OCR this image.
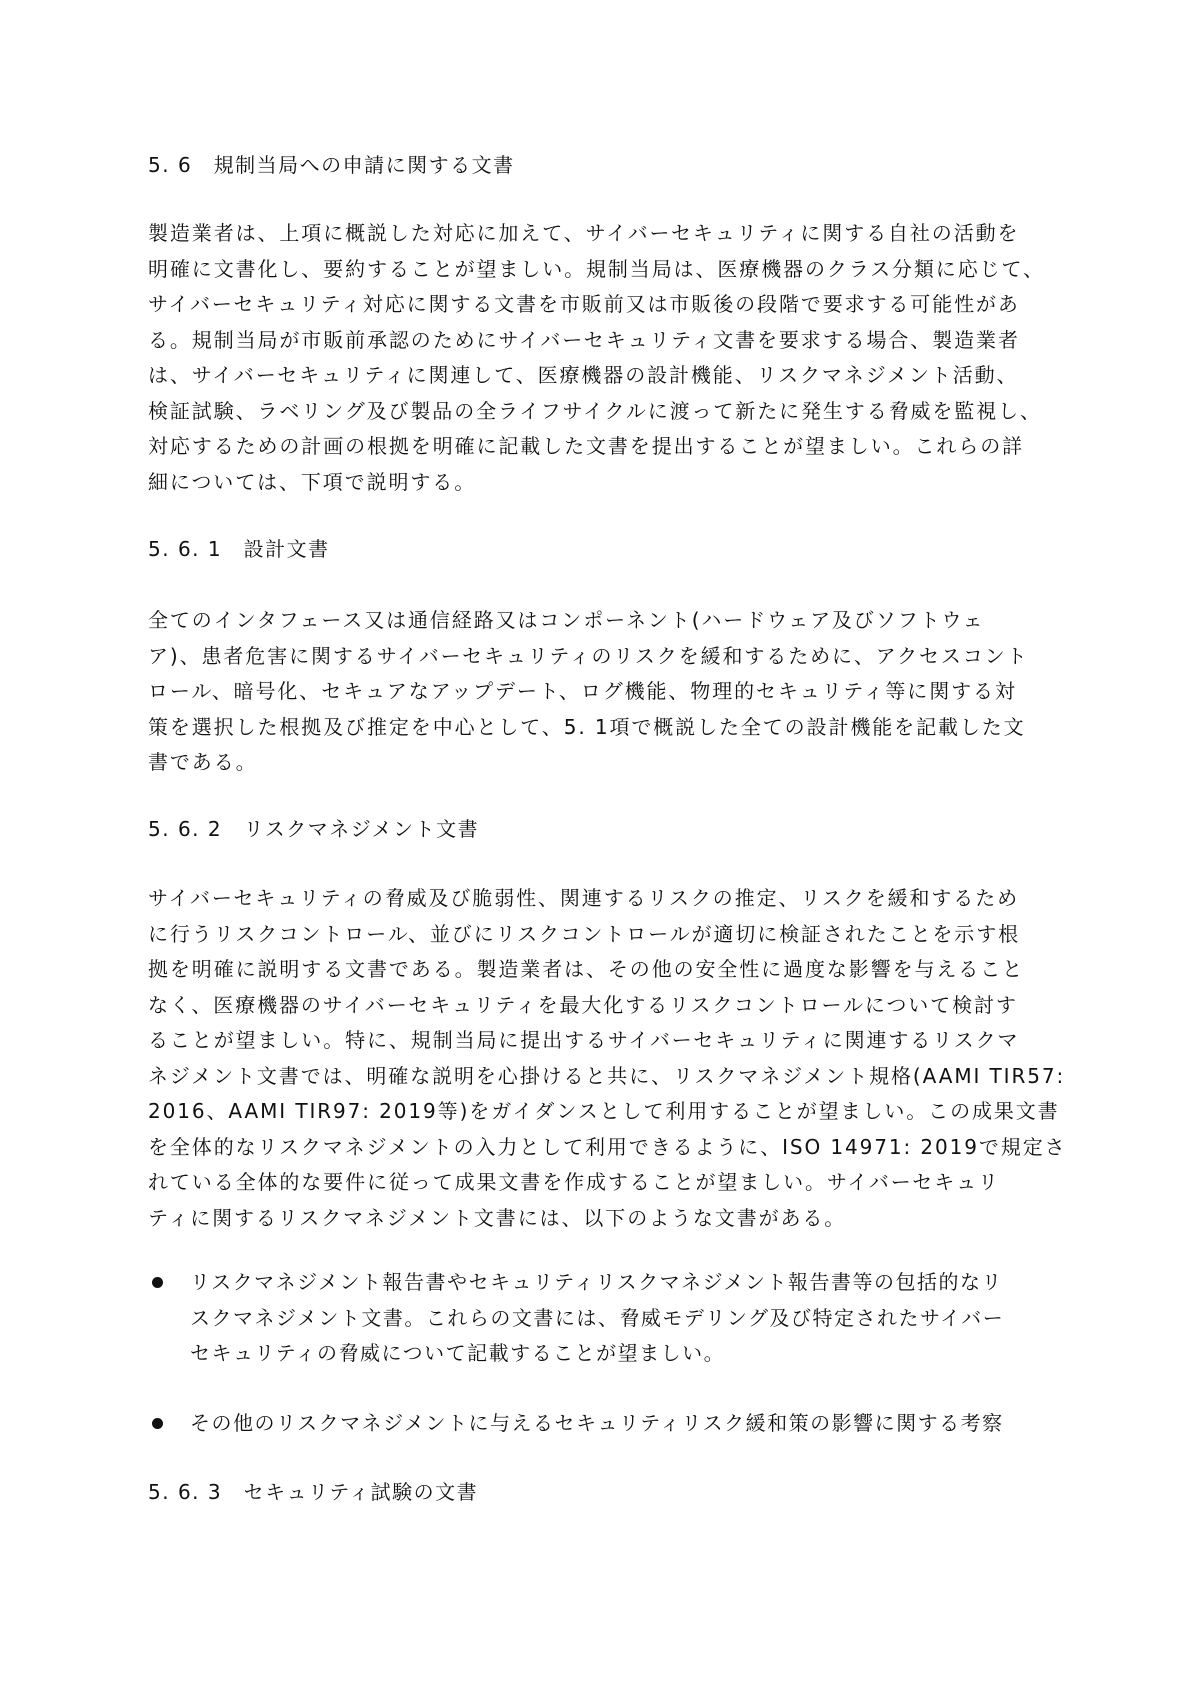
5. 6　規制当局への申請に関する文書
製造業者は、上項に概説した対応に加えて、サイバーセキュリティに関する自社の活動を
明確に文書化し、要約することが望ましい。規制当局は、医療機器のクラス分類に応じて、
サイバーセキュリティ対応に関する文書を市販前又は市販後の段階で要求する可能性があ
る。規制当局が市販前承認のためにサイバーセキュリティ文書を要求する場合、製造業者
は、サイバーセキュリティに関連して、医療機器の設計機能、リスクマネジメント活動、
検証試験、ラベリング及び製品の全ライフサイクルに渡って新たに発生する脅威を監視し、
対応するための計画の根拠を明確に記載した文書を提出することが望ましい。これらの詳
細については、下項で説明する。
5. 6. 1　設計文書
全てのインタフェース又は通信経路又はコンポーネント(ハードウェア及びソフトウェ
ア)、患者危害に関するサイバーセキュリティのリスクを緩和するために、アクセスコント
ロール、暗号化、セキュアなアップデート、ログ機能、物理的セキュリティ等に関する対
策を選択した根拠及び推定を中心として、5. 1項で概説した全ての設計機能を記載した文
書である。
5. 6. 2　リスクマネジメント文書
サイバーセキュリティの脅威及び脆弱性、関連するリスクの推定、リスクを緩和するため
に行うリスクコントロール、並びにリスクコントロールが適切に検証されたことを示す根
拠を明確に説明する文書である。製造業者は、その他の安全性に過度な影響を与えること
なく、医療機器のサイバーセキュリティを最大化するリスクコントロールについて検討す
ることが望ましい。特に、規制当局に提出するサイバーセキュリティに関連するリスクマ
ネジメント文書では、明確な説明を心掛けると共に、リスクマネジメント規格(AAMI TIR57:
2016、AAMI TIR97: 2019等)をガイダンスとして利用することが望ましい。この成果文書
を全体的なリスクマネジメントの入力として利用できるように、ISO 14971: 2019で規定さ
れている全体的な要件に従って成果文書を作成することが望ましい。サイバーセキュリ
ティに関するリスクマネジメント文書には、以下のような文書がある。
リスクマネジメント報告書やセキュリティリスクマネジメント報告書等の包括的なリ
スクマネジメント文書。これらの文書には、脅威モデリング及び特定されたサイバー
セキュリティの脅威について記載することが望ましい。
その他のリスクマネジメントに与えるセキュリティリスク緩和策の影響に関する考察
5. 6. 3　セキュリティ試験の文書
